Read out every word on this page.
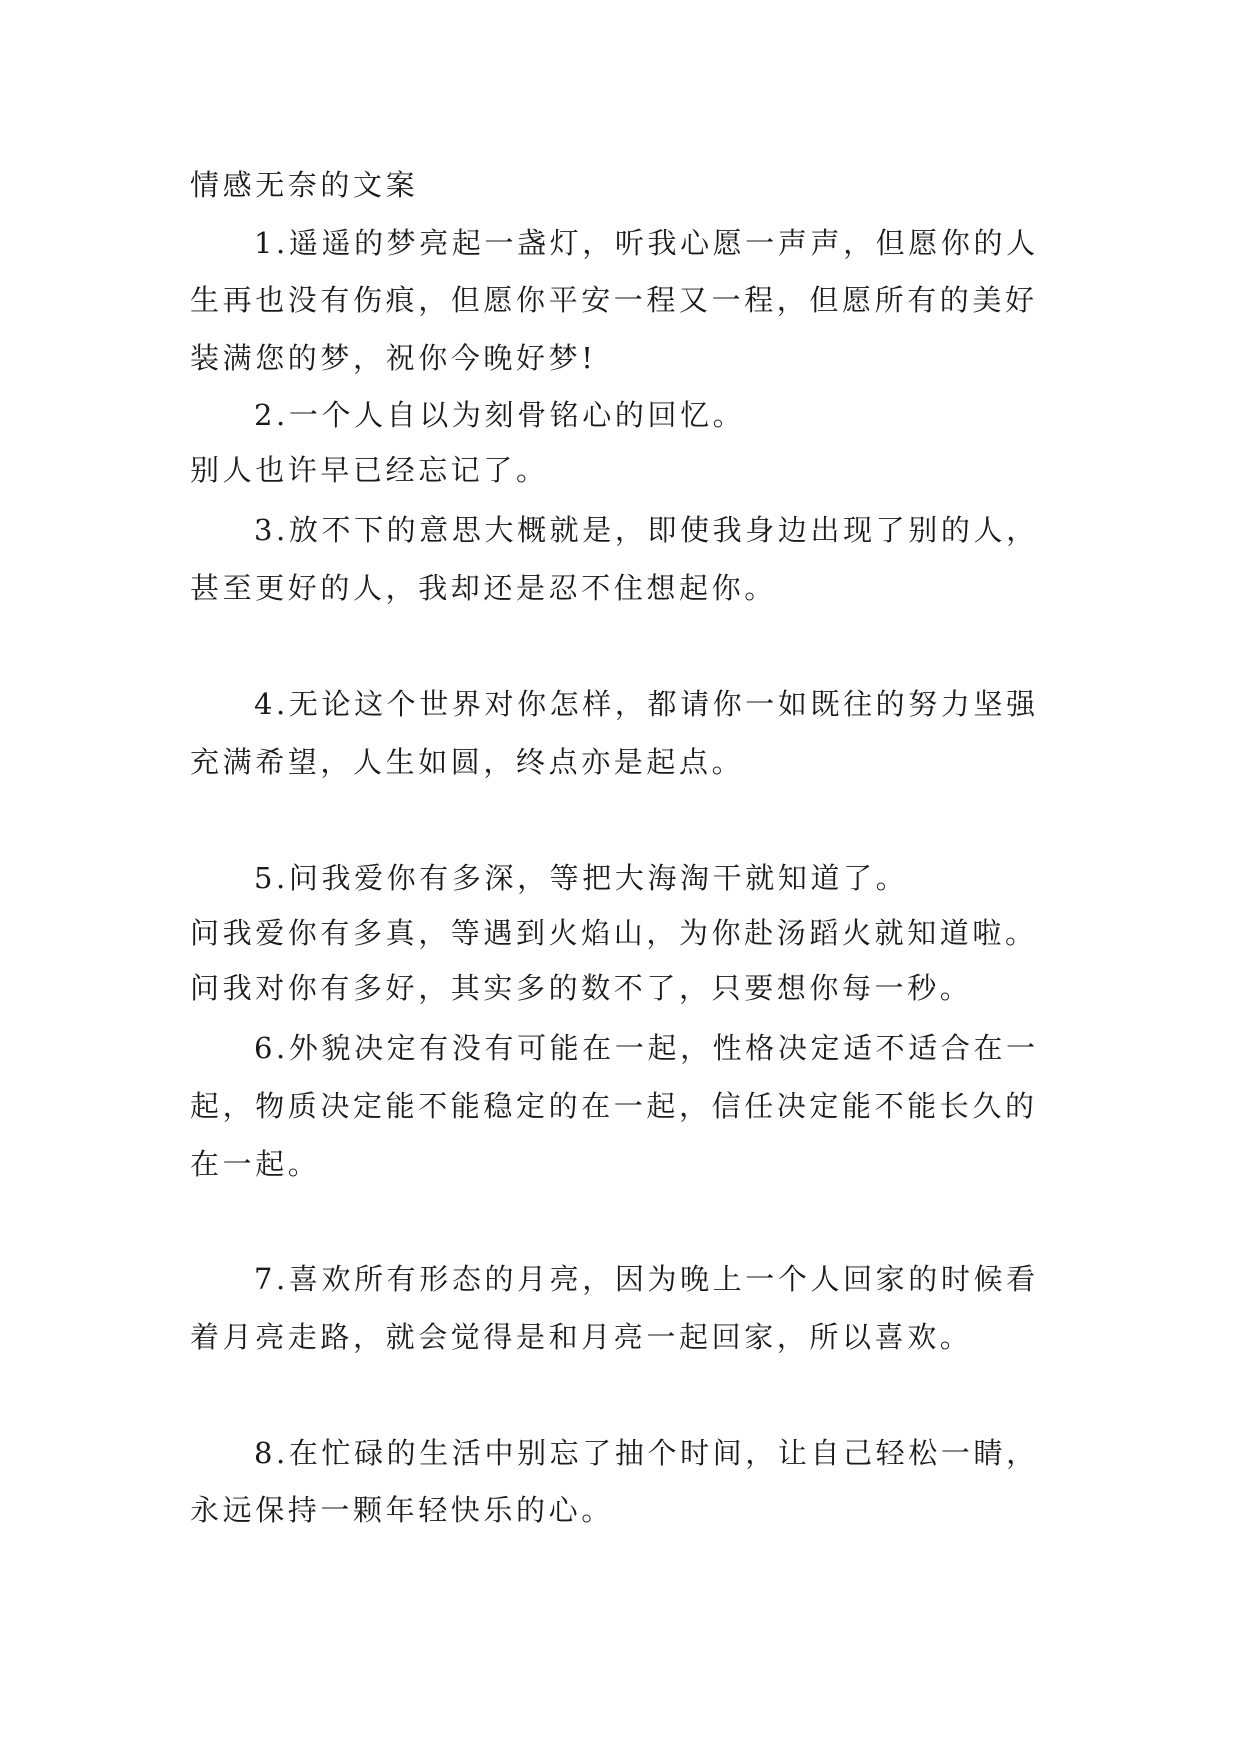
情感无奈的文案
1.遥遥的梦亮起一盏灯，听我心愿一声声，但愿你的人
生再也没有伤痕，但愿你平安一程又一程，但愿所有的美好
装满您的梦，祝你今晚好梦!
2.一个人自以为刻骨铭心的回忆。
别人也许早已经忘记了。
3.放不下的意思大概就是，即使我身边出现了别的人，
甚至更好的人，我却还是忍不住想起你。
4.无论这个世界对你怎样，都请你一如既往的努力坚强
充满希望，人生如圆，终点亦是起点。
5.问我爱你有多深，等把大海淘干就知道了。
问我爱你有多真，等遇到火焰山，为你赴汤蹈火就知道啦。
问我对你有多好，其实多的数不了，只要想你每一秒。
6.外貌决定有没有可能在一起，性格决定适不适合在一
起，物质决定能不能稳定的在一起，信任决定能不能长久的
在一起。
7.喜欢所有形态的月亮，因为晚上一个人回家的时候看
着月亮走路，就会觉得是和月亮一起回家，所以喜欢。
8.在忙碌的生活中别忘了抽个时间，让自己轻松一睛，
永远保持一颗年轻快乐的心。
